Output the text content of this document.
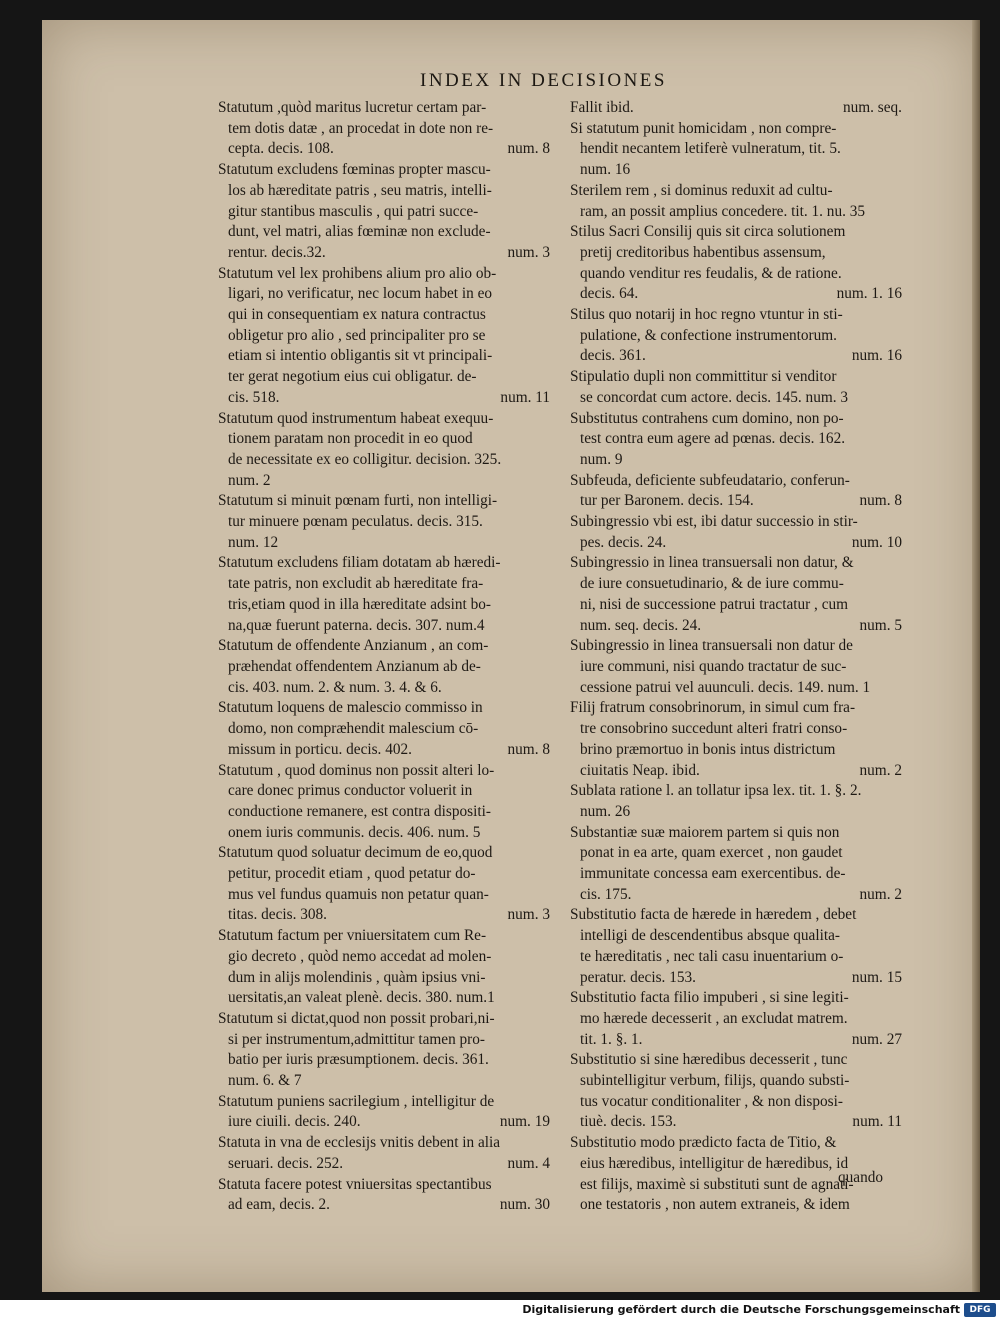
INDEX IN DECISIONES
Statutum ,quòd maritus lucretur certam par-
tem dotis datæ , an procedat in dote non re-
cepta. decis. 108.	num. 8
Statutum excludens fœminas propter mascu-
los ab hæreditate patris , seu matris, intelli-
gitur stantibus masculis , qui patri succe-
dunt, vel matri, alias fœminæ non exclude-
rentur. decis.32.	num. 3
Statutum vel lex prohibens alium pro alio ob-
ligari, no verificatur, nec locum habet in eo
qui in consequentiam ex natura contractus
obligetur pro alio , sed principaliter pro se
etiam si intentio obligantis sit vt principali-
ter gerat negotium eius cui obligatur. de-
cis. 518.	num. 11
Statutum quod instrumentum habeat exequu-
tionem paratam non procedit in eo quod
de necessitate ex eo colligitur. decision. 325.
num. 2
Statutum si minuit pœnam furti, non intelligi-
tur minuere pœnam peculatus. decis. 315.
num. 12
Statutum excludens filiam dotatam ab hæredi-
tate patris, non excludit ab hæreditate fra-
tris,etiam quod in illa hæreditate adsint bo-
na,quæ fuerunt paterna. decis. 307. num.4
Statutum de offendente Anzianum , an com-
præhendat offendentem Anzianum ab de-
cis. 403. num. 2. & num. 3. 4. & 6.
Statutum loquens de malescio commisso in
domo, non compræhendit malescium cō-
missum in porticu. decis. 402.	num. 8
Statutum , quod dominus non possit alteri lo-
care donec primus conductor voluerit in
conductione remanere, est contra dispositi-
onem iuris communis. decis. 406. num. 5
Statutum quod soluatur decimum de eo,quod
petitur, procedit etiam , quod petatur do-
mus vel fundus quamuis non petatur quan-
titas. decis. 308.	num. 3
Statutum factum per vniuersitatem cum Re-
gio decreto , quòd nemo accedat ad molen-
dum in alijs molendinis , quàm ipsius vni-
uersitatis,an valeat plenè. decis. 380. num.1
Statutum si dictat,quod non possit probari,ni-
si per instrumentum,admittitur tamen pro-
batio per iuris præsumptionem. decis. 361.
num. 6. & 7
Statutum puniens sacrilegium , intelligitur de
iure ciuili. decis. 240.	num. 19
Statuta in vna de ecclesijs vnitis debent in alia
seruari. decis. 252.	num. 4
Statuta facere potest vniuersitas spectantibus
ad eam, decis. 2.	num. 30
Fallit ibid.	num. seq.
Si statutum punit homicidam , non compre-
hendit necantem letiferè vulneratum, tit. 5.
num. 16
Sterilem rem , si dominus reduxit ad cultu-
ram, an possit amplius concedere. tit. 1. nu. 35
Stilus Sacri Consilij quis sit circa solutionem
pretij creditoribus habentibus assensum,
quando venditur res feudalis, & de ratione.
decis. 64.	num. 1. 16
Stilus quo notarij in hoc regno vtuntur in sti-
pulatione, & confectione instrumentorum.
decis. 361.	num. 16
Stipulatio dupli non committitur si venditor
se concordat cum actore. decis. 145. num. 3
Substitutus contrahens cum domino, non po-
test contra eum agere ad pœnas. decis. 162.
num. 9
Subfeuda, deficiente subfeudatario, conferun-
tur per Baronem. decis. 154.	num. 8
Subingressio vbi est, ibi datur successio in stir-
pes. decis. 24.	num. 10
Subingressio in linea transuersali non datur, &
de iure consuetudinario, & de iure commu-
ni, nisi de successione patrui tractatur , cum
num. seq. decis. 24.	num. 5
Subingressio in linea transuersali non datur de
iure communi, nisi quando tractatur de suc-
cessione patrui vel auunculi. decis. 149. num. 1
Filij fratrum consobrinorum, in simul cum fra-
tre consobrino succedunt alteri fratri conso-
brino præmortuo in bonis intus districtum
ciuitatis Neap. ibid.	num. 2
Sublata ratione l. an tollatur ipsa lex. tit. 1. §. 2.
num. 26
Substantiæ suæ maiorem partem si quis non
ponat in ea arte, quam exercet , non gaudet
immunitate concessa eam exercentibus. de-
cis. 175.	num. 2
Substitutio facta de hærede in hæredem , debet
intelligi de descendentibus absque qualita-
te hæreditatis , nec tali casu inuentarium o-
peratur. decis. 153.	num. 15
Substitutio facta filio impuberi , si sine legiti-
mo hærede decesserit , an excludat matrem.
tit. 1. §. 1.	num. 27
Substitutio si sine hæredibus decesserit , tunc
subintelligitur verbum, filijs, quando substi-
tus vocatur conditionaliter , & non disposi-
tiuè. decis. 153.	num. 11
Substitutio modo prædicto facta de Titio, &
eius hæredibus, intelligitur de hæredibus, id
est filijs, maximè si substituti sunt de agnati-
one testatoris , non autem extraneis, & idem
quando
Digitalisierung gefördert durch die Deutsche Forschungsgemeinschaft	DFG
